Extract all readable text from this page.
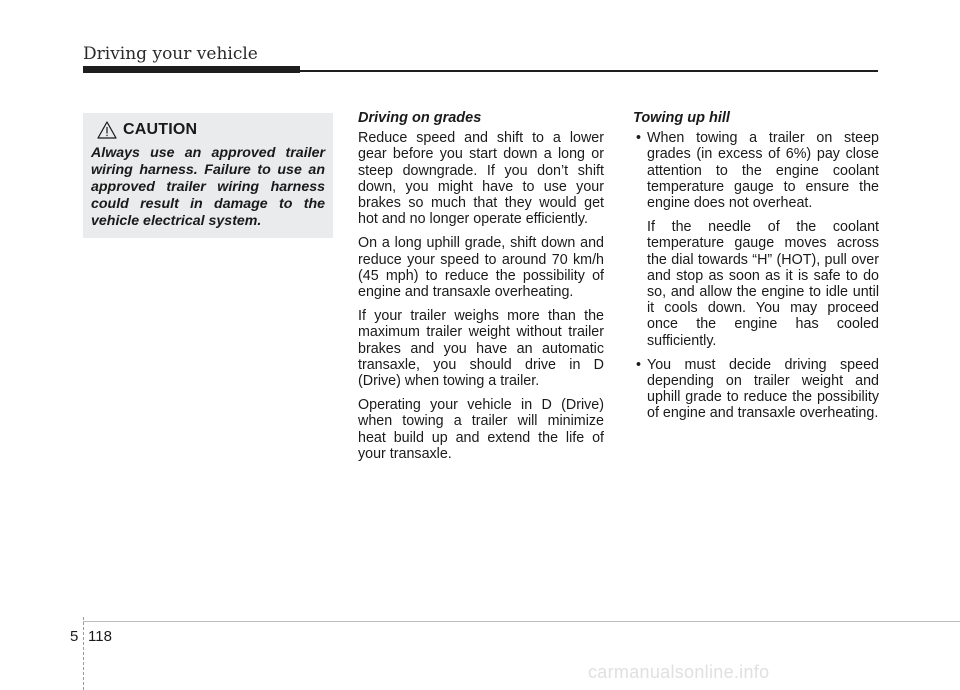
Driving your vehicle
CAUTION

Always use an approved trailer wiring harness. Failure to use an approved trailer wiring harness could result in damage to the vehicle electrical system.

Driving on grades

Reduce speed and shift to a lower gear before you start down a long or steep downgrade. If you don’t shift down, you might have to use your brakes so much that they would get hot and no longer operate efficiently.

On a long uphill grade, shift down and reduce your speed to around 70 km/h (45 mph) to reduce the possibility of engine and transaxle overheating.

If your trailer weighs more than the maximum trailer weight without trailer brakes and you have an automatic transaxle, you should drive in D (Drive) when towing a trailer.

Operating your vehicle in D (Drive) when towing a trailer will minimize heat build up and extend the life of your transaxle.

Towing up hill
• When towing a trailer on steep grades (in excess of 6%) pay close attention to the engine coolant temperature gauge to ensure the engine does not overheat.

If the needle of the coolant temperature gauge moves across the dial towards “H” (HOT), pull over and stop as soon as it is safe to do so, and allow the engine to idle until it cools down. You may proceed once the engine has cooled sufficiently.

• You must decide driving speed depending on trailer weight and uphill grade to reduce the possibility of engine and transaxle overheating.

5 118
carmanualsonline.info
